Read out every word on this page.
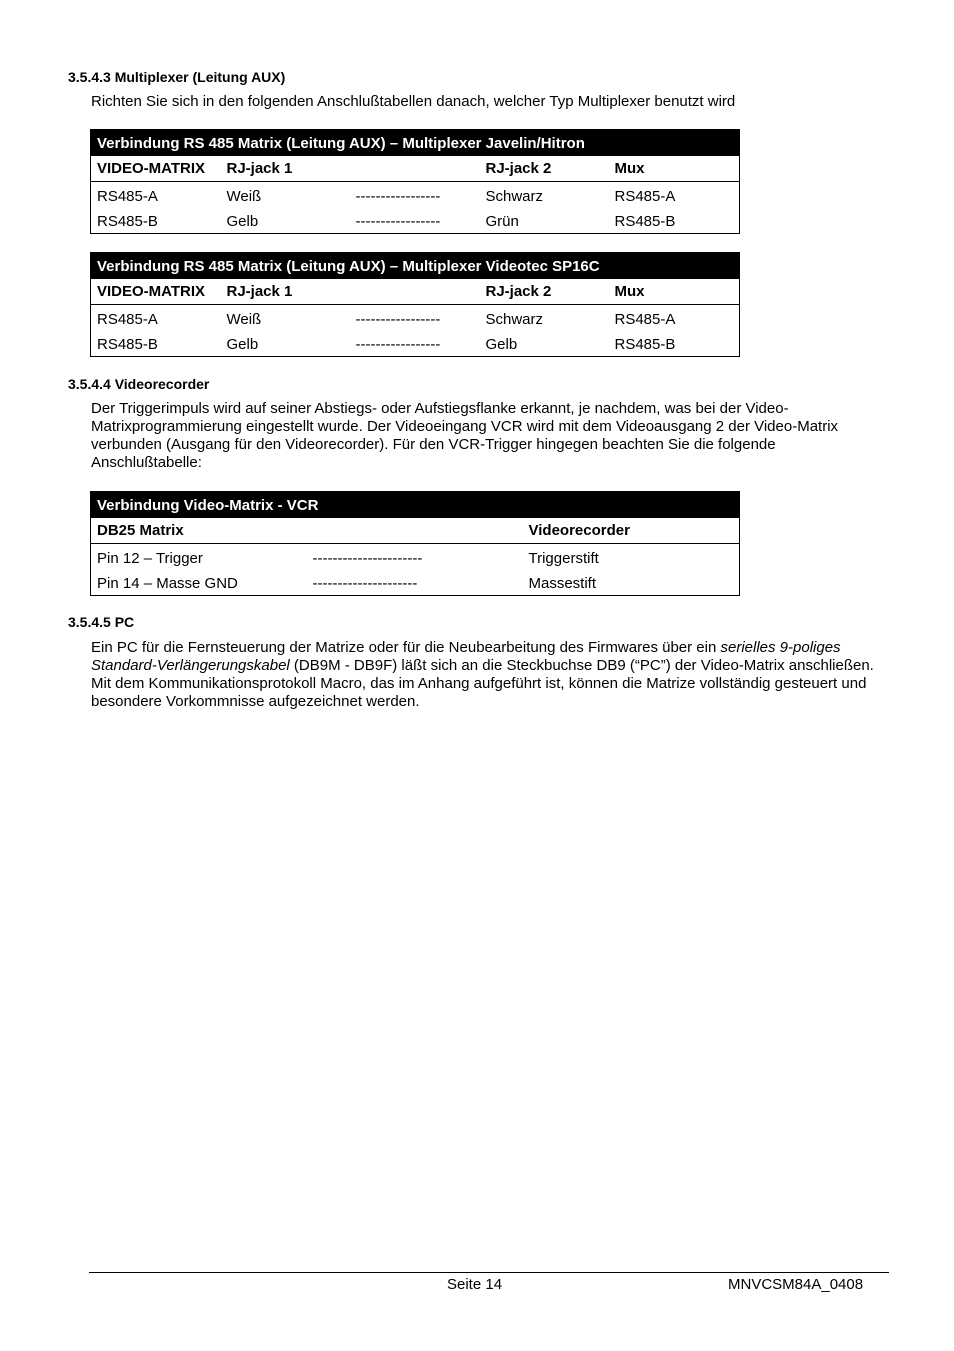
3.5.4.3 Multiplexer (Leitung AUX)
Richten Sie sich in den folgenden Anschlußtabellen danach, welcher Typ Multiplexer benutzt wird
Verbindung RS 485 Matrix (Leitung AUX) – Multiplexer Javelin/Hitron				
VIDEO-MATRIX	RJ-jack 1		RJ-jack 2	Mux
RS485-A	Weiß	-----------------	Schwarz	RS485-A
RS485-B	Gelb	-----------------	Grün	RS485-B
Verbindung RS 485 Matrix (Leitung AUX) – Multiplexer Videotec SP16C				
VIDEO-MATRIX	RJ-jack 1		RJ-jack 2	Mux
RS485-A	Weiß	-----------------	Schwarz	RS485-A
RS485-B	Gelb	-----------------	Gelb	RS485-B
3.5.4.4 Videorecorder
Der Triggerimpuls wird auf seiner Abstiegs- oder Aufstiegsflanke erkannt, je nachdem, was bei der Video-Matrixprogrammierung eingestellt wurde. Der Videoeingang VCR wird mit dem Videoausgang 2 der Video-Matrix verbunden (Ausgang für den Videorecorder). Für den VCR-Trigger hingegen beachten Sie die folgende Anschlußtabelle:
Verbindung Video-Matrix - VCR		
DB25 Matrix		Videorecorder
Pin 12 – Trigger	----------------------	Triggerstift
Pin 14 – Masse GND	---------------------	Massestift
3.5.4.5 PC

Ein PC für die Fernsteuerung der Matrize oder für die Neubearbeitung des Firmwares über ein serielles 9-poliges Standard-Verlängerungskabel (DB9M - DB9F) läßt sich an die Steckbuchse DB9 (“PC”) der Video-Matrix anschließen.

Mit dem Kommunikationsprotokoll Macro, das im Anhang aufgeführt ist, können die Matrize vollständig gesteuert und besondere Vorkommnisse aufgezeichnet werden.

Seite 14	MNVCSM84A_0408
